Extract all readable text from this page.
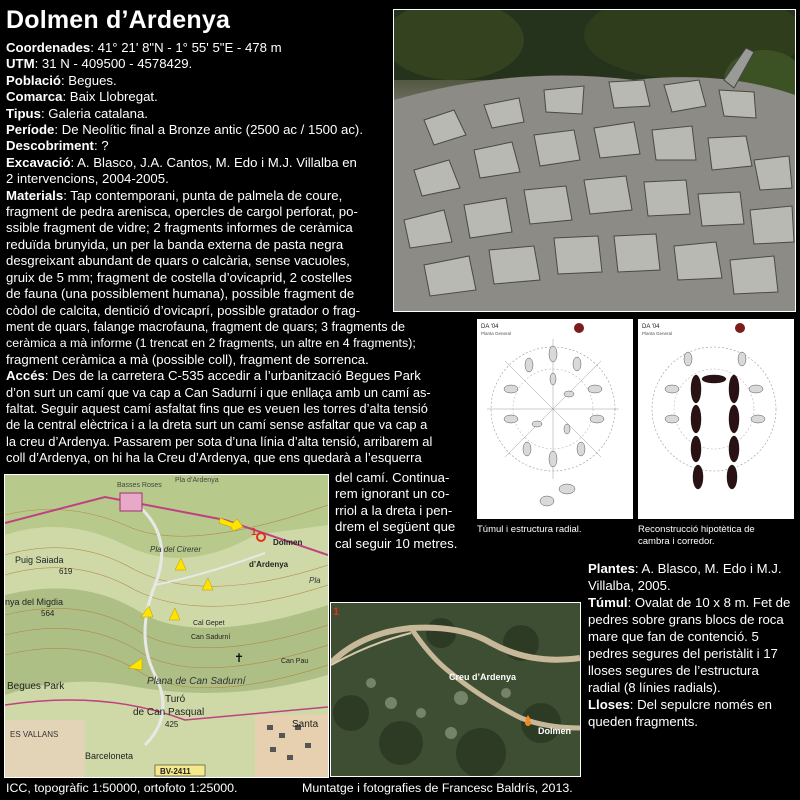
Dolmen d’Ardenya
Coordenades: 41° 21' 8"N - 1° 55' 5"E - 478 m
UTM: 31 N - 409500 - 4578429.
Població: Begues.
Comarca: Baix Llobregat.
Tipus: Galeria catalana.
Període: De Neolític final a Bronze antic (2500 ac / 1500 ac).
Descobriment: ?
Excavació: A. Blasco, J.A. Cantos, M. Edo i M.J. Villalba en
2 intervencions, 2004-2005.
Materials: Tap contemporani, punta de palmela de coure,
fragment de pedra arenisca, opercles de cargol perforat, po-
ssible fragment de vidre; 2 fragments informes de ceràmica
reduïda brunyida, un per la banda externa de pasta negra
desgreixant abundant de quars o calcària, sense vacuoles,
gruix de 5 mm; fragment de costella d’ovicaprid, 2 costelles
de fauna (una possiblement humana), possible fragment de
còdol de calcita, dentició d’ovicaprí, possible gratador o frag-
ment de quars, falange macrofauna, fragment de quars; 3 fragments de
ceràmica a mà informe (1 trencat en 2 fragments, un altre en 4 fragments);
fragment ceràmica a mà (possible coll), fragment de sorrenca.
Accés: Des de la carretera C-535 accedir a l’urbanització Begues Park
d’on surt un camí que va cap a Can Sadurní i que enllaça amb un camí as-
faltat. Seguir aquest camí asfaltat fins que es veuen les torres d’alta tensió
de la central elèctrica i a la dreta surt un camí sense asfaltar que va cap a
la creu d’Ardenya. Passarem per sota d’una línia d’alta tensió, arribarem al
coll d’Ardenya, on hi ha la Creu d’Ardenya, que ens quedarà a l’esquerra
del camí. Continua-
rem ignorant un co-
rriol a la dreta i pen-
drem el següent que
cal seguir 10 metres.
DA '04
Planta General
Túmul i estructura radial.
DA '04
Planta General
Reconstrucció hipotètica de
cambra i corredor.
1
Pla d’Ardenya
Basses Roses
Puig Saiada
619
nya del Migdia
564
Pla del Cirerer
Dolmen
d’Ardenya
Pla
Cal Gepet
Can Sadurní
Can Pau
Plana de Can Sadurní
Begues Park
Turó
de Can Pasqual
425	Santa
Barceloneta
ES VALLANS
BV-2411
✝
1
Creu d’Ardenya
Dolmen
Plantes: A. Blasco, M. Edo i M.J. Villalba, 2005.
Túmul: Ovalat de 10 x 8 m. Fet de pedres sobre grans blocs de roca mare que fan de contenció. 5 pedres segures del peristàlit i 17 lloses segures de l’estructura radial (8 línies radials).
Lloses: Del sepulcre només en queden fragments.
ICC, topogràfic 1:50000, ortofoto 1:25000.	Muntatge i fotografies de Francesc Baldrís, 2013.
